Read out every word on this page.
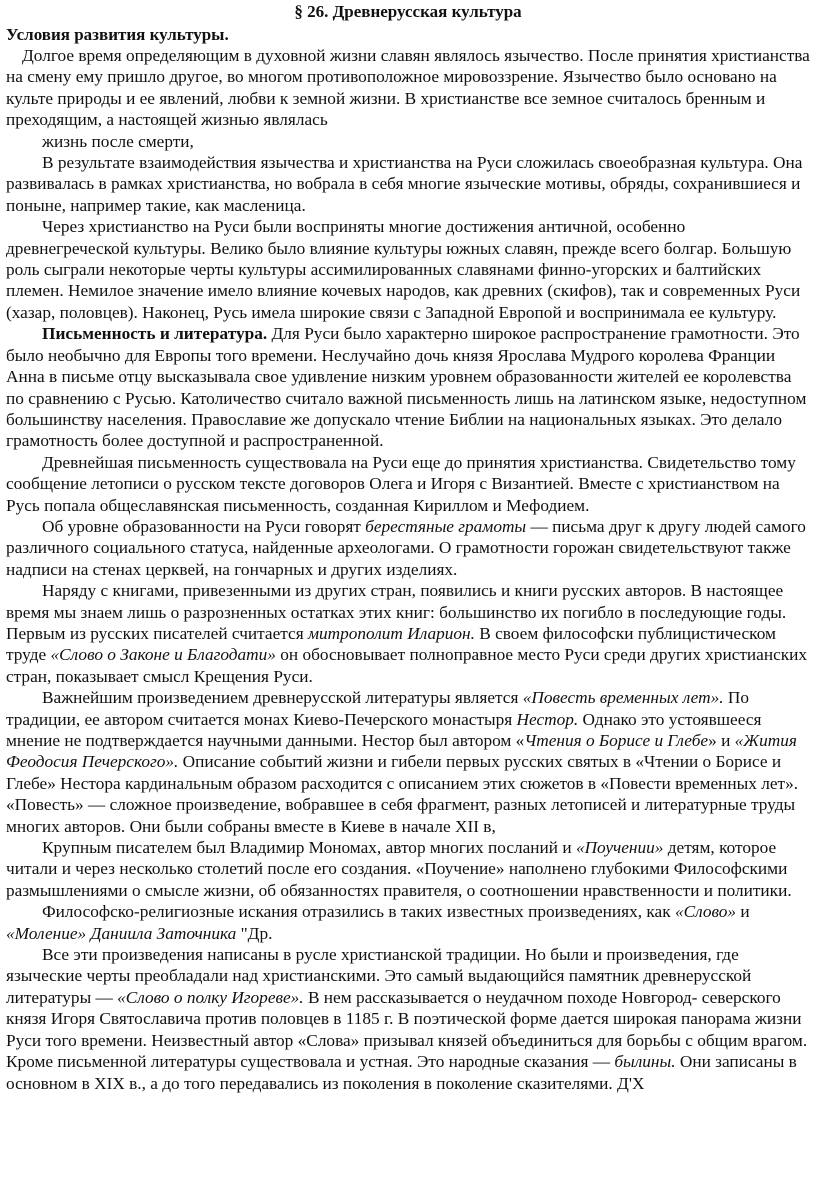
§ 26. Древнерусская культура
Условия развития культуры.

Долгое время определяющим в духовной жизни славян являлось язычество. После принятия христианства на смену ему пришло другое, во многом противоположное мировоззрение. Язычество было основано на культе природы и ее явлений, любви к земной жизни. В христианстве все земное считалось бренным и преходящим, а настоящей жизнью являлась

жизнь после смерти,

В результате взаимодействия язычества и христианства на Руси сложилась своеобразная культура. Она развивалась в рамках христианства, но вобрала в себя многие языческие мотивы, обряды, сохранившиеся и поныне, например такие, как масленица.

Через христианство на Руси были восприняты многие достижения античной, особенно древнегреческой культуры. Велико было влияние культуры южных славян, прежде всего болгар. Большую роль сыграли некоторые черты культуры ассимилированных славянами финно-угорских и балтийских племен. Немилое значение имело влияние кочевых народов, как древних (скифов), так и современных Руси (хазар, половцев). Наконец, Русь имела широкие связи с Западной Европой и воспринимала ее культуру.

Письменность и литература. Для Руси было характерно широкое распространение грамотности. Это было необычно для Европы того времени. Неслучайно дочь князя Ярослава Мудрого королева Франции Анна в письме отцу высказывала свое удивление низким уровнем образованности жителей ее королевства по сравнению с Русью. Католичество считало важной письменность лишь на латинском языке, недоступном большинству населения. Православие же допускало чтение Библии на национальных языках. Это делало грамотность более доступной и распространенной.

Древнейшая письменность существовала на Руси еще до принятия христианства. Свидетельство тому сообщение летописи о русском тексте договоров Олега и Игоря с Византией. Вместе с христианством на Русь попала общеславянская письменность, созданная Кириллом и Мефодием.

Об уровне образованности на Руси говорят берестяные грамоты — письма друг к другу людей самого различного социального статуса, найденные археологами. О грамотности горожан свидетельствуют также надписи на стенах церквей, на гончарных и других изделиях.

Наряду с книгами, привезенными из других стран, появились и книги русских авторов. В настоящее время мы знаем лишь о разрозненных остатках этих книг: большинство их погибло в последующие годы. Первым из русских писателей считается митрополит Иларион. В своем философски публицистическом труде «Слово о Законе и Благодати» он обосновывает полноправное место Руси среди других христианских стран, показывает смысл Крещения Руси.

Важнейшим произведением древнерусской литературы является «Повесть временных лет». По традиции, ее автором считается монах Киево-Печерского монастыря Нестор. Однако это устоявшееся мнение не подтверждается научными данными. Нестор был автором «Чтения о Борисе и Глебе» и «Жития Феодосия Печерского». Описание событий жизни и гибели первых русских святых в «Чтении о Борисе и Глебе» Нестора кардинальным образом расходится с описанием этих сюжетов в «Повести временных лет». «Повесть» — сложное произведение, вобравшее в себя фрагмент, разных летописей и литературные труды многих авторов. Они были собраны вместе в Киеве в начале XII в,

Крупным писателем был Владимир Мономах, автор многих посланий и «Поучении» детям, которое читали и через несколько столетий после его создания. «Поучение» наполнено глубокими Философскими размышлениями о смысле жизни, об обязанностях правителя, о соотношении нравственности и политики.

Философско-религиозные искания отразились в таких известных произведениях, как «Слово» и «Моление» Даниила Заточника "Др.

Все эти произведения написаны в русле христианской традиции. Но были и произведения, где языческие черты преобладали над христианскими. Это самый выдающийся памятник древнерусской литературы — «Слово о полку Игореве». В нем рассказывается о неудачном походе Новгород- северского князя Игоря Святославича против половцев в 1185 г. В поэтической форме дается широкая панорама жизни Руси того времени. Неизвестный автор «Слова» призывал князей объединиться для борьбы с общим врагом. Кроме письменной литературы существовала и устная. Это народные сказания — былины. Они записаны в основном в XIX в., а до того передавались из поколения в поколение сказителями. Д'Х
